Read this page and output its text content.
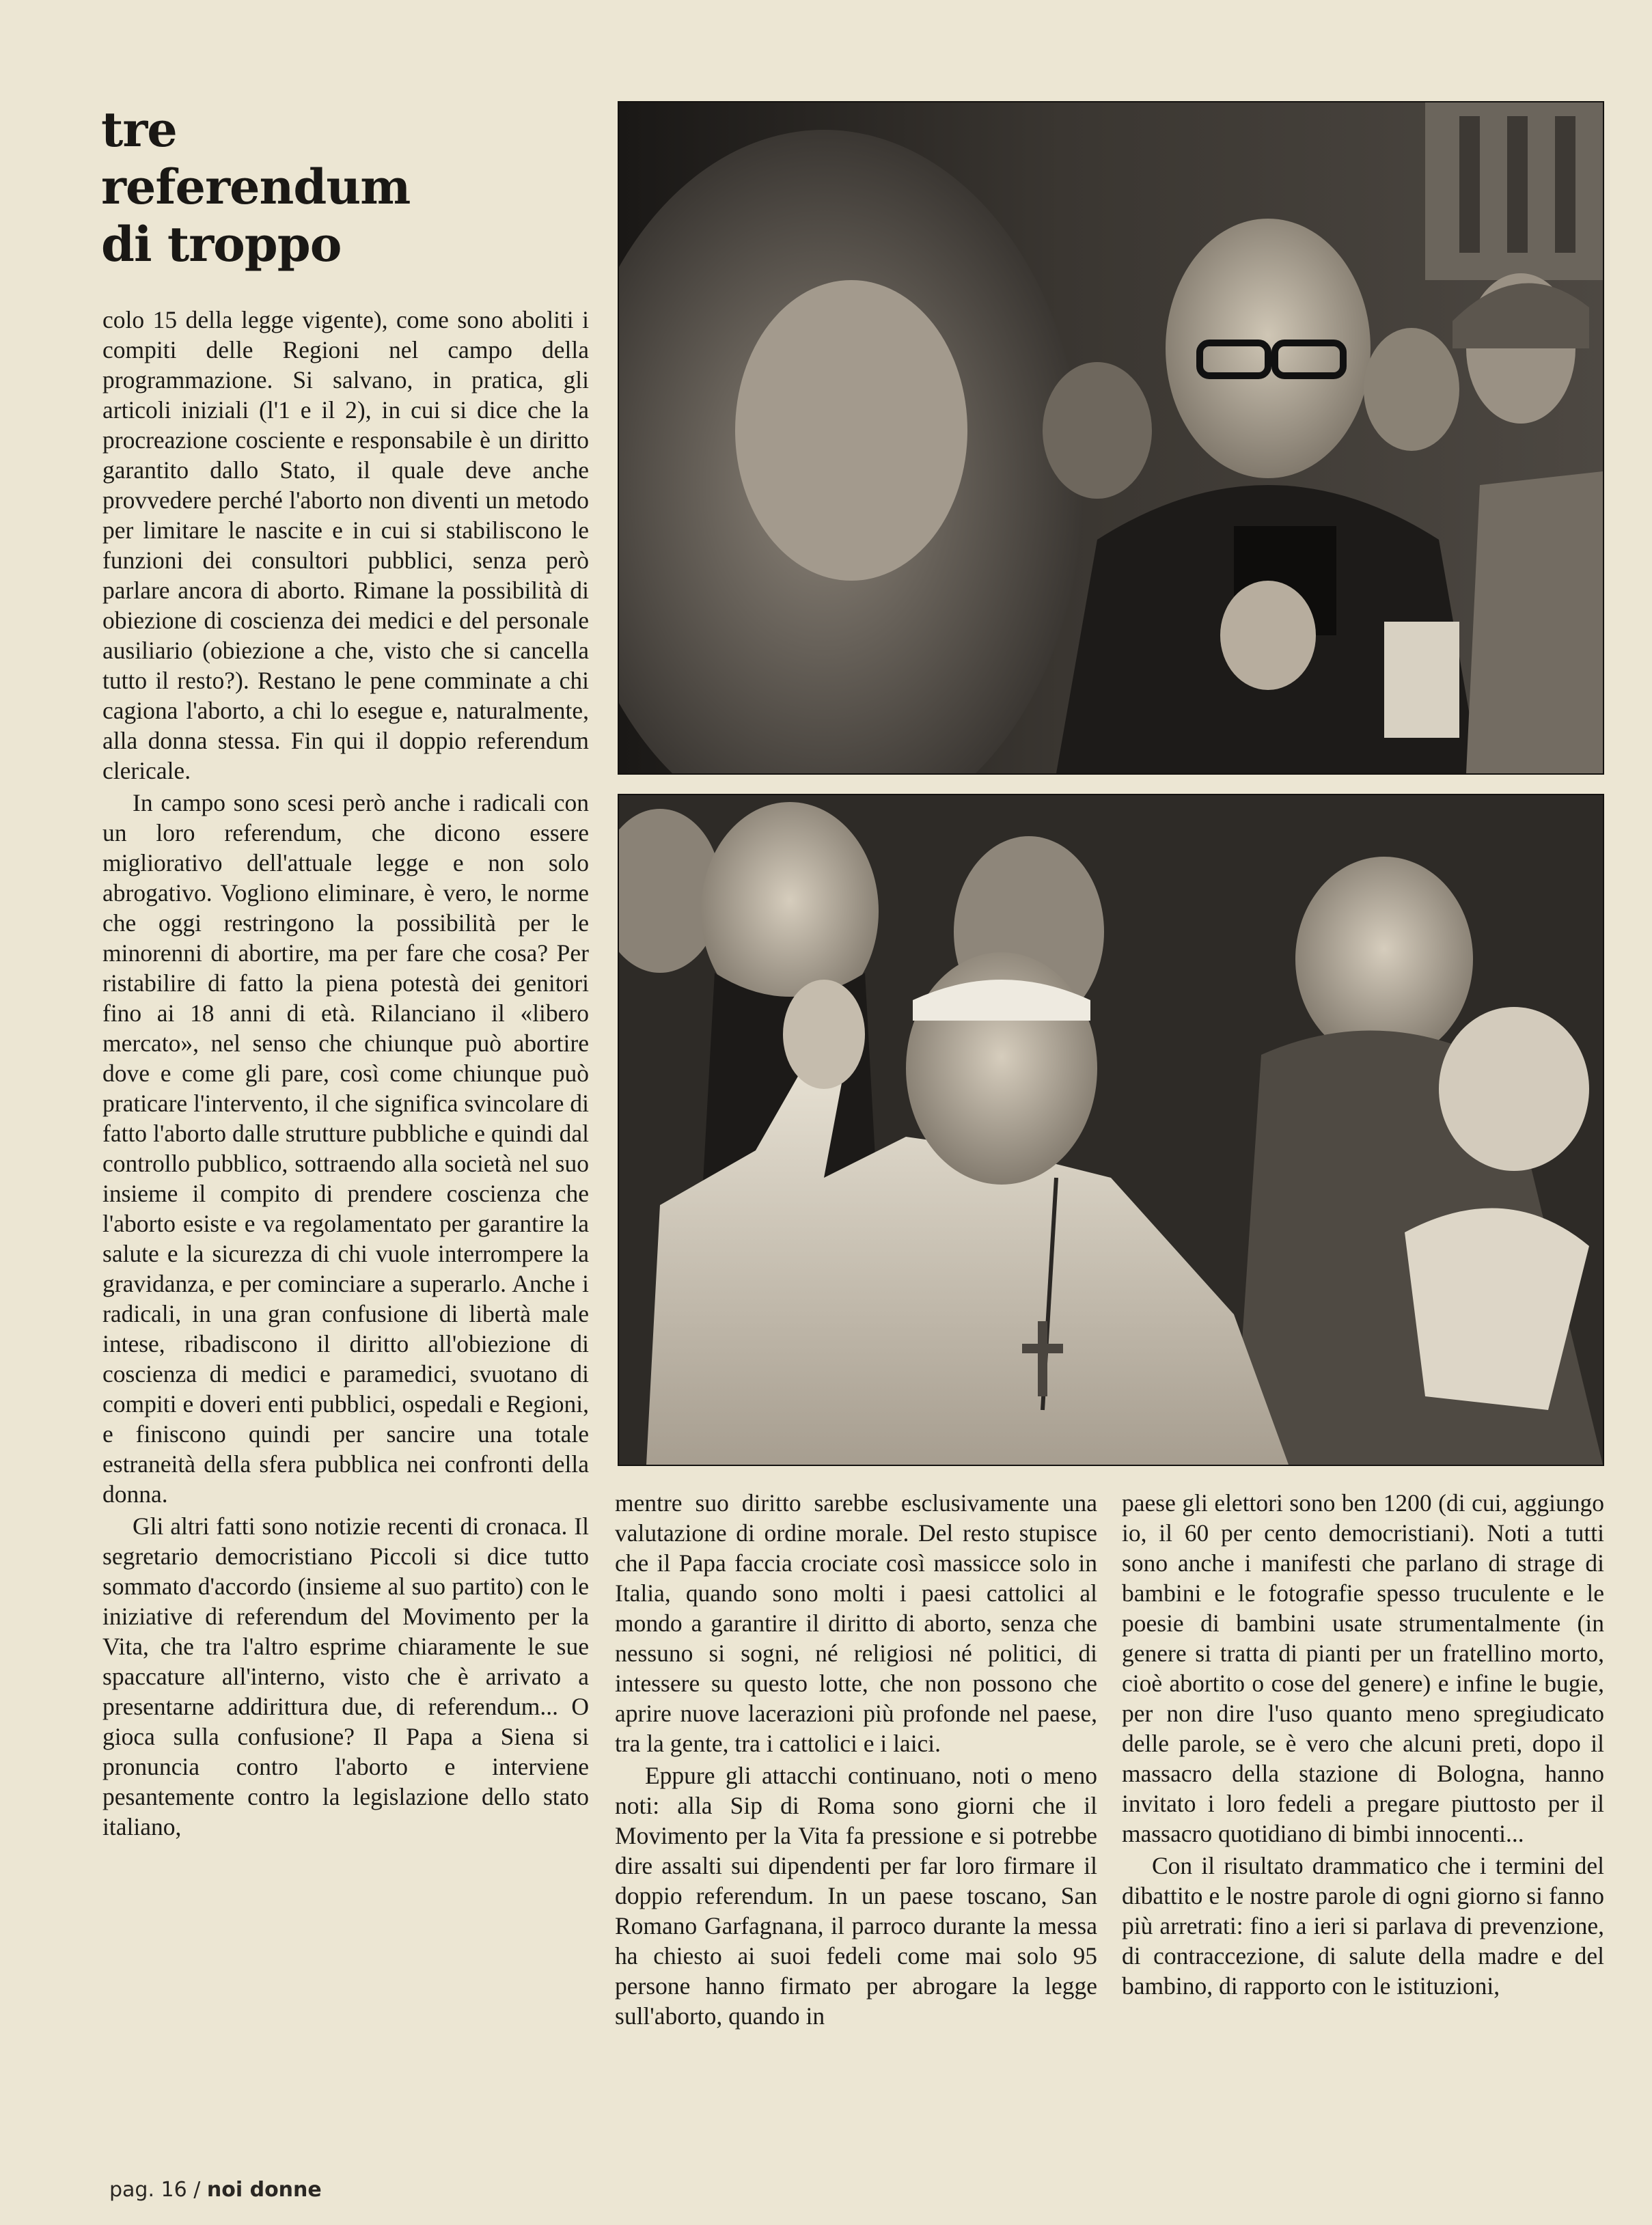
tre referendum
di troppo

colo 15 della legge vigente), come sono aboliti i compiti delle Regioni nel campo della programmazione. Si salvano, in pratica, gli articoli iniziali (l'1 e il 2), in cui si dice che la procreazione cosciente e responsabile è un diritto garantito dallo Stato, il quale deve anche provvedere perché l'aborto non diventi un metodo per limitare le nascite e in cui si stabiliscono le funzioni dei consultori pubblici, senza però parlare ancora di aborto. Rimane la possibilità di obiezione di coscienza dei medici e del personale ausiliario (obiezione a che, visto che si cancella tutto il resto?). Restano le pene comminate a chi cagiona l'aborto, a chi lo esegue e, naturalmente, alla donna stessa. Fin qui il doppio referendum clericale.

In campo sono scesi però anche i radicali con un loro referendum, che dicono essere migliorativo dell'attuale legge e non solo abrogativo. Vogliono eliminare, è vero, le norme che oggi restringono la possibilità per le minorenni di abortire, ma per fare che cosa? Per ristabilire di fatto la piena potestà dei genitori fino ai 18 anni di età. Rilanciano il «libero mercato», nel senso che chiunque può abortire dove e come gli pare, così come chiunque può praticare l'intervento, il che significa svincolare di fatto l'aborto dalle strutture pubbliche e quindi dal controllo pubblico, sottraendo alla società nel suo insieme il compito di prendere coscienza che l'aborto esiste e va regolamentato per garantire la salute e la sicurezza di chi vuole interrompere la gravidanza, e per cominciare a superarlo. Anche i radicali, in una gran confusione di libertà male intese, ribadiscono il diritto all'obiezione di coscienza di medici e paramedici, svuotano di compiti e doveri enti pubblici, ospedali e Regioni, e finiscono quindi per sancire una totale estraneità della sfera pubblica nei confronti della donna.

Gli altri fatti sono notizie recenti di cronaca. Il segretario democristiano Piccoli si dice tutto sommato d'accordo (insieme al suo partito) con le iniziative di referendum del Movimento per la Vita, che tra l'altro esprime chiaramente le sue spaccature all'interno, visto che è arrivato a presentarne addirittura due, di referendum... O gioca sulla confusione? Il Papa a Siena si pronuncia contro l'aborto e interviene pesantemente contro la legislazione dello stato italiano,

mentre suo diritto sarebbe esclusivamente una valutazione di ordine morale. Del resto stupisce che il Papa faccia crociate così massicce solo in Italia, quando sono molti i paesi cattolici al mondo a garantire il diritto di aborto, senza che nessuno si sogni, né religiosi né politici, di intessere su questo lotte, che non possono che aprire nuove lacerazioni più profonde nel paese, tra la gente, tra i cattolici e i laici.

Eppure gli attacchi continuano, noti o meno noti: alla Sip di Roma sono giorni che il Movimento per la Vita fa pressione e si potrebbe dire assalti sui dipendenti per far loro firmare il doppio referendum. In un paese toscano, San Romano Garfagnana, il parroco durante la messa ha chiesto ai suoi fedeli come mai solo 95 persone hanno firmato per abrogare la legge sull'aborto, quando in

paese gli elettori sono ben 1200 (di cui, aggiungo io, il 60 per cento democristiani). Noti a tutti sono anche i manifesti che parlano di strage di bambini e le fotografie spesso truculente e le poesie di bambini usate strumentalmente (in genere si tratta di pianti per un fratellino morto, cioè abortito o cose del genere) e infine le bugie, per non dire l'uso quanto meno spregiudicato delle parole, se è vero che alcuni preti, dopo il massacro della stazione di Bologna, hanno invitato i loro fedeli a pregare piuttosto per il massacro quotidiano di bimbi innocenti...

Con il risultato drammatico che i termini del dibattito e le nostre parole di ogni giorno si fanno più arretrati: fino a ieri si parlava di prevenzione, di contraccezione, di salute della madre e del bambino, di rapporto con le istituzioni,

pag. 16 / noi donne
